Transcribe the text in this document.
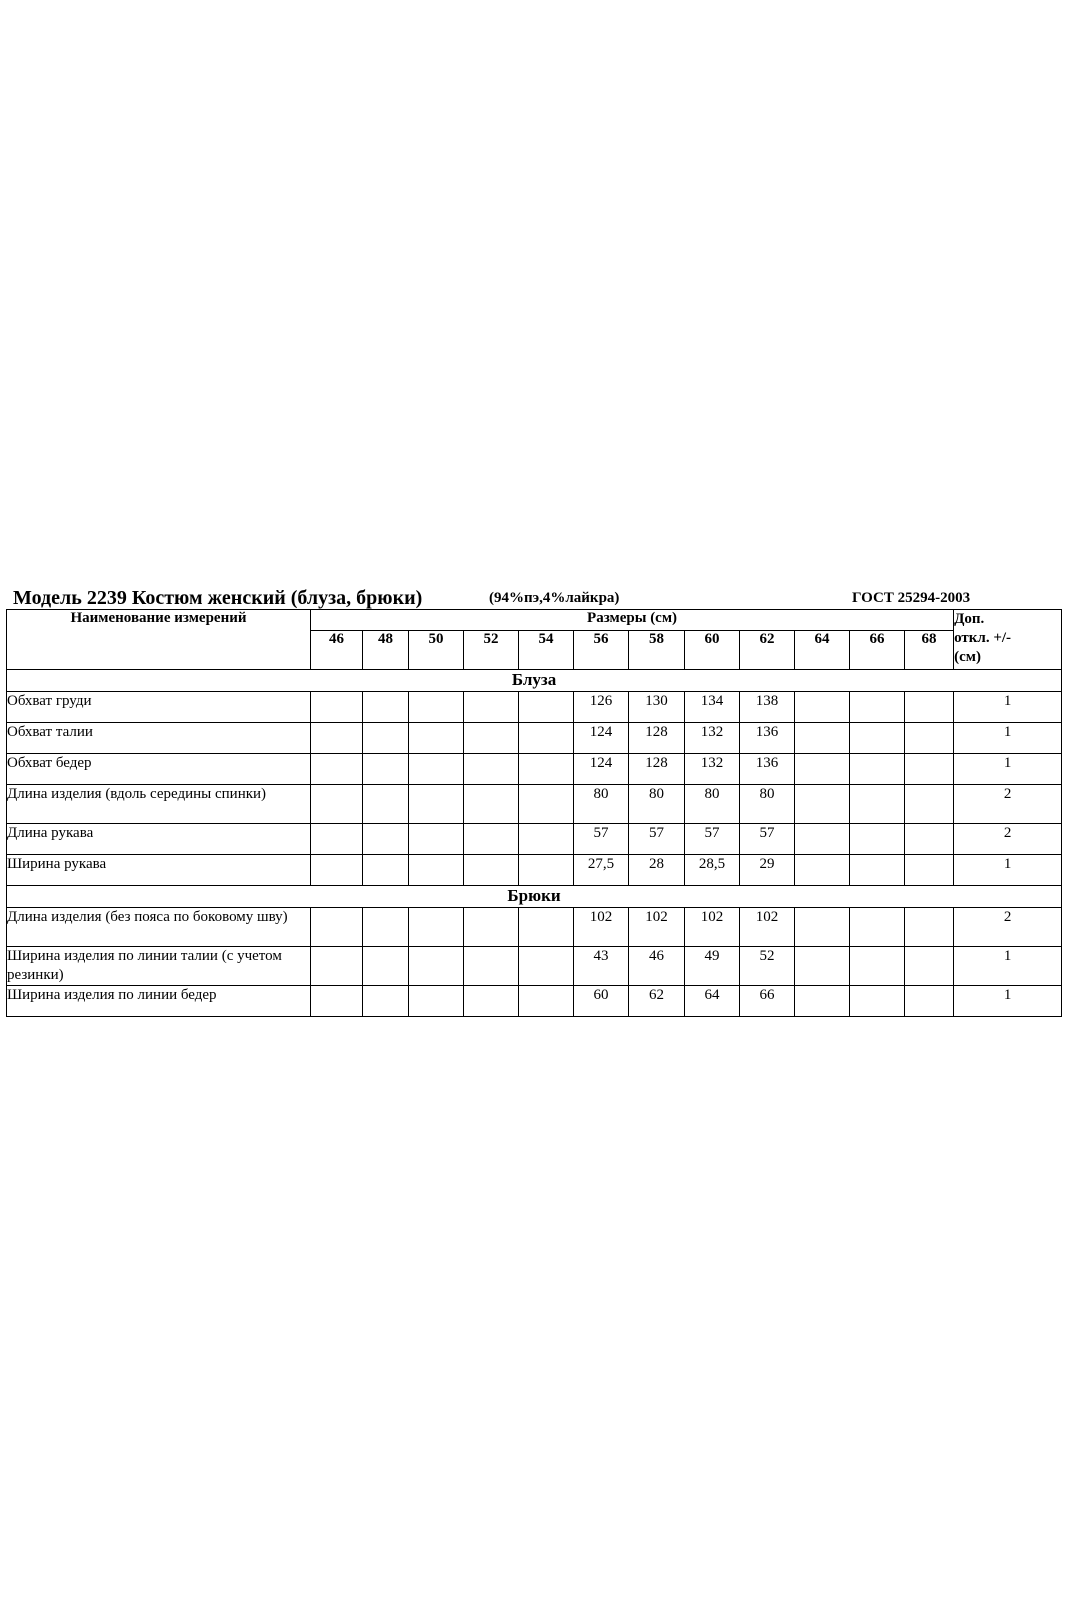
Модель 2239 Костюм женский (блуза, брюки)	(94%пэ,4%лайкра)	ГОСТ 25294-2003
Наименование измерений	Размеры (см)												Доп.
откл. +/-
(см)

	46	48	50	52	54	56	58	60	62	64	66	68	
Блуза													
Обхват груди						126	130	134	138				1
Обхват талии						124	128	132	136				1
Обхват бедер						124	128	132	136				1
Длина изделия (вдоль середины спинки)						80	80	80	80				2
Длина рукава						57	57	57	57				2
Ширина рукава						27,5	28	28,5	29				1
Брюки													
Длина изделия (без пояса по боковому шву)						102	102	102	102				2
Ширина изделия по линии талии (с учетом резинки)						43	46	49	52				1
Ширина изделия по линии бедер						60	62	64	66				1
